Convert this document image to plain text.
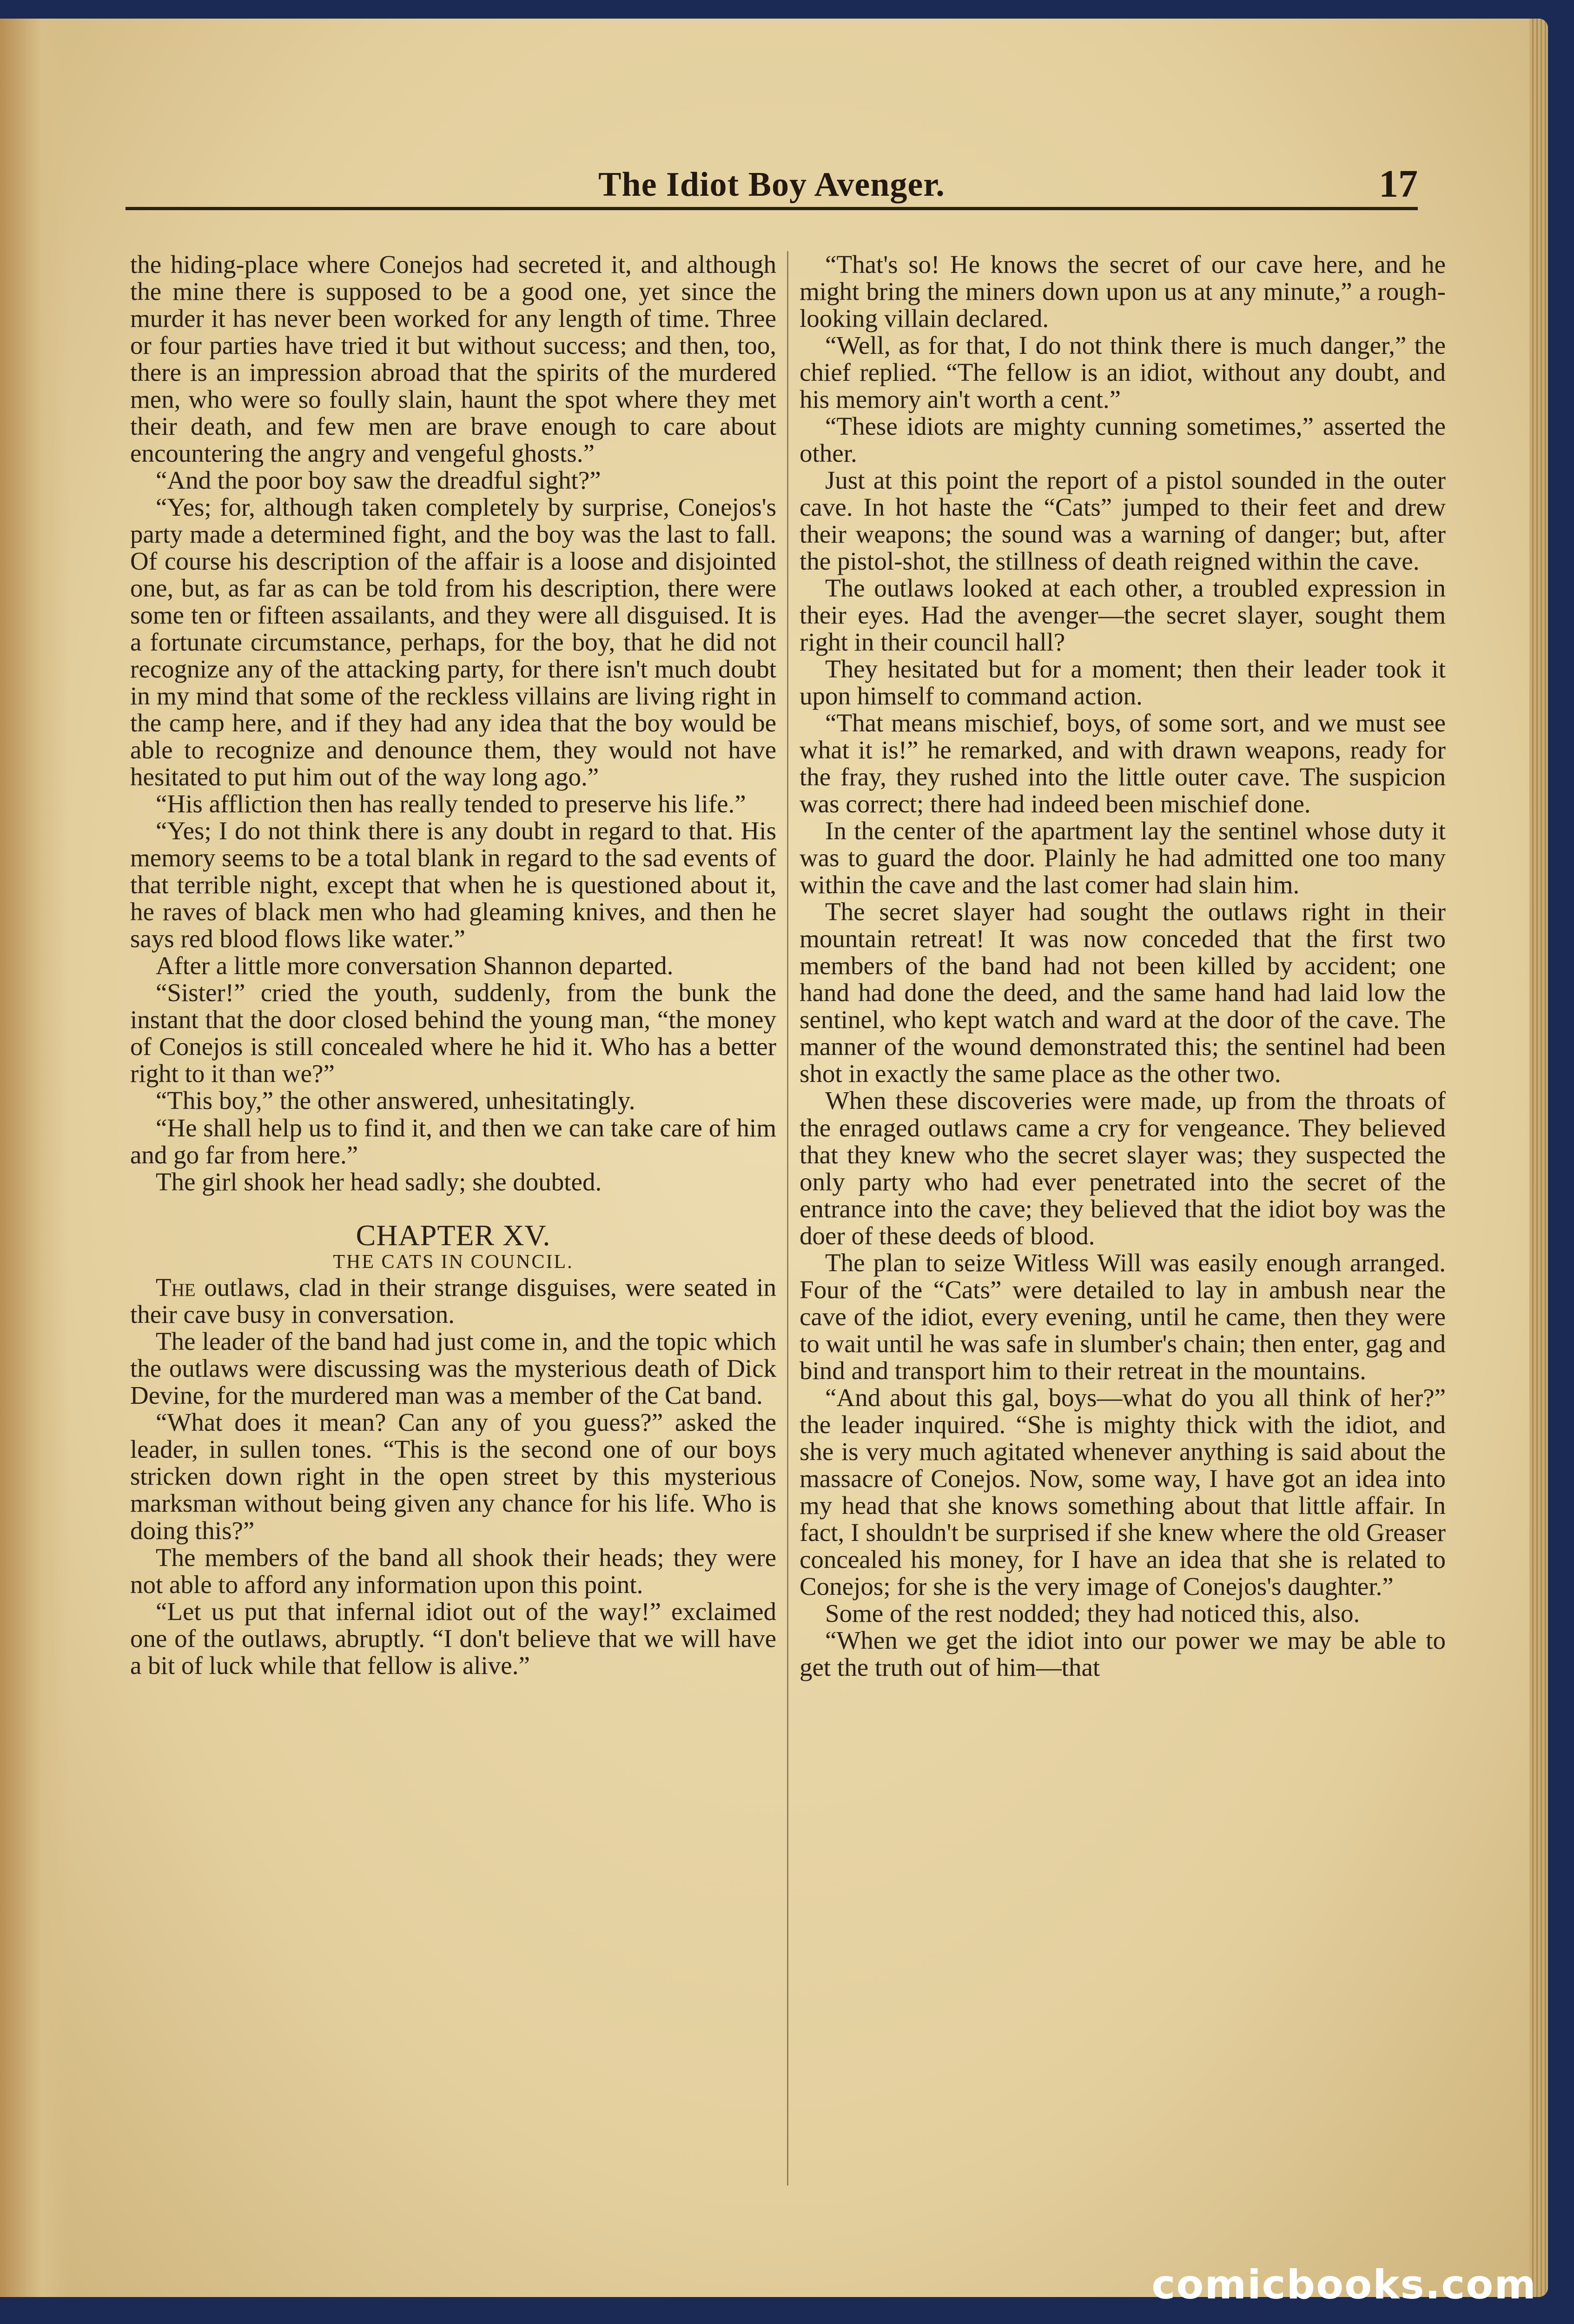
The Idiot Boy Avenger.	17

the hiding-place where Conejos had secreted it, and although the mine there is supposed to be a good one, yet since the murder it has never been worked for any length of time. Three or four parties have tried it but without success; and then, too, there is an impression abroad that the spirits of the murdered men, who were so foully slain, haunt the spot where they met their death, and few men are brave enough to care about encountering the angry and vengeful ghosts.”

“And the poor boy saw the dreadful sight?”

“Yes; for, although taken completely by surprise, Conejos's party made a determined fight, and the boy was the last to fall. Of course his description of the affair is a loose and disjointed one, but, as far as can be told from his description, there were some ten or fifteen assailants, and they were all disguised. It is a fortunate circumstance, perhaps, for the boy, that he did not recognize any of the attacking party, for there isn't much doubt in my mind that some of the reckless villains are living right in the camp here, and if they had any idea that the boy would be able to recognize and denounce them, they would not have hesitated to put him out of the way long ago.”

“His affliction then has really tended to preserve his life.”

“Yes; I do not think there is any doubt in regard to that. His memory seems to be a total blank in regard to the sad events of that terrible night, except that when he is questioned about it, he raves of black men who had gleaming knives, and then he says red blood flows like water.”

After a little more conversation Shannon departed.

“Sister!” cried the youth, suddenly, from the bunk the instant that the door closed behind the young man, “the money of Conejos is still concealed where he hid it. Who has a better right to it than we?”

“This boy,” the other answered, unhesitatingly.

“He shall help us to find it, and then we can take care of him and go far from here.”

The girl shook her head sadly; she doubted.

CHAPTER XV.
THE CATS IN COUNCIL.

The outlaws, clad in their strange disguises, were seated in their cave busy in conversation.

The leader of the band had just come in, and the topic which the outlaws were discussing was the mysterious death of Dick Devine, for the murdered man was a member of the Cat band.

“What does it mean? Can any of you guess?” asked the leader, in sullen tones. “This is the second one of our boys stricken down right in the open street by this mysterious marksman without being given any chance for his life. Who is doing this?”

The members of the band all shook their heads; they were not able to afford any information upon this point.

“Let us put that infernal idiot out of the way!” exclaimed one of the outlaws, abruptly. “I don't believe that we will have a bit of luck while that fellow is alive.”

“That's so! He knows the secret of our cave here, and he might bring the miners down upon us at any minute,” a rough-looking villain declared.

“Well, as for that, I do not think there is much danger,” the chief replied. “The fellow is an idiot, without any doubt, and his memory ain't worth a cent.”

“These idiots are mighty cunning sometimes,” asserted the other.

Just at this point the report of a pistol sounded in the outer cave. In hot haste the “Cats” jumped to their feet and drew their weapons; the sound was a warning of danger; but, after the pistol-shot, the stillness of death reigned within the cave.

The outlaws looked at each other, a troubled expression in their eyes. Had the avenger—the secret slayer, sought them right in their council hall?

They hesitated but for a moment; then their leader took it upon himself to command action.

“That means mischief, boys, of some sort, and we must see what it is!” he remarked, and with drawn weapons, ready for the fray, they rushed into the little outer cave. The suspicion was correct; there had indeed been mischief done.

In the center of the apartment lay the sentinel whose duty it was to guard the door. Plainly he had admitted one too many within the cave and the last comer had slain him.

The secret slayer had sought the outlaws right in their mountain retreat! It was now conceded that the first two members of the band had not been killed by accident; one hand had done the deed, and the same hand had laid low the sentinel, who kept watch and ward at the door of the cave. The manner of the wound demonstrated this; the sentinel had been shot in exactly the same place as the other two.

When these discoveries were made, up from the throats of the enraged outlaws came a cry for vengeance. They believed that they knew who the secret slayer was; they suspected the only party who had ever penetrated into the secret of the entrance into the cave; they believed that the idiot boy was the doer of these deeds of blood.

The plan to seize Witless Will was easily enough arranged. Four of the “Cats” were detailed to lay in ambush near the cave of the idiot, every evening, until he came, then they were to wait until he was safe in slumber's chain; then enter, gag and bind and transport him to their retreat in the mountains.

“And about this gal, boys—what do you all think of her?” the leader inquired. “She is mighty thick with the idiot, and she is very much agitated whenever anything is said about the massacre of Conejos. Now, some way, I have got an idea into my head that she knows something about that little affair. In fact, I shouldn't be surprised if she knew where the old Greaser concealed his money, for I have an idea that she is related to Conejos; for she is the very image of Conejos's daughter.”

Some of the rest nodded; they had noticed this, also.

“When we get the idiot into our power we may be able to get the truth out of him—that

comicbooks.com
